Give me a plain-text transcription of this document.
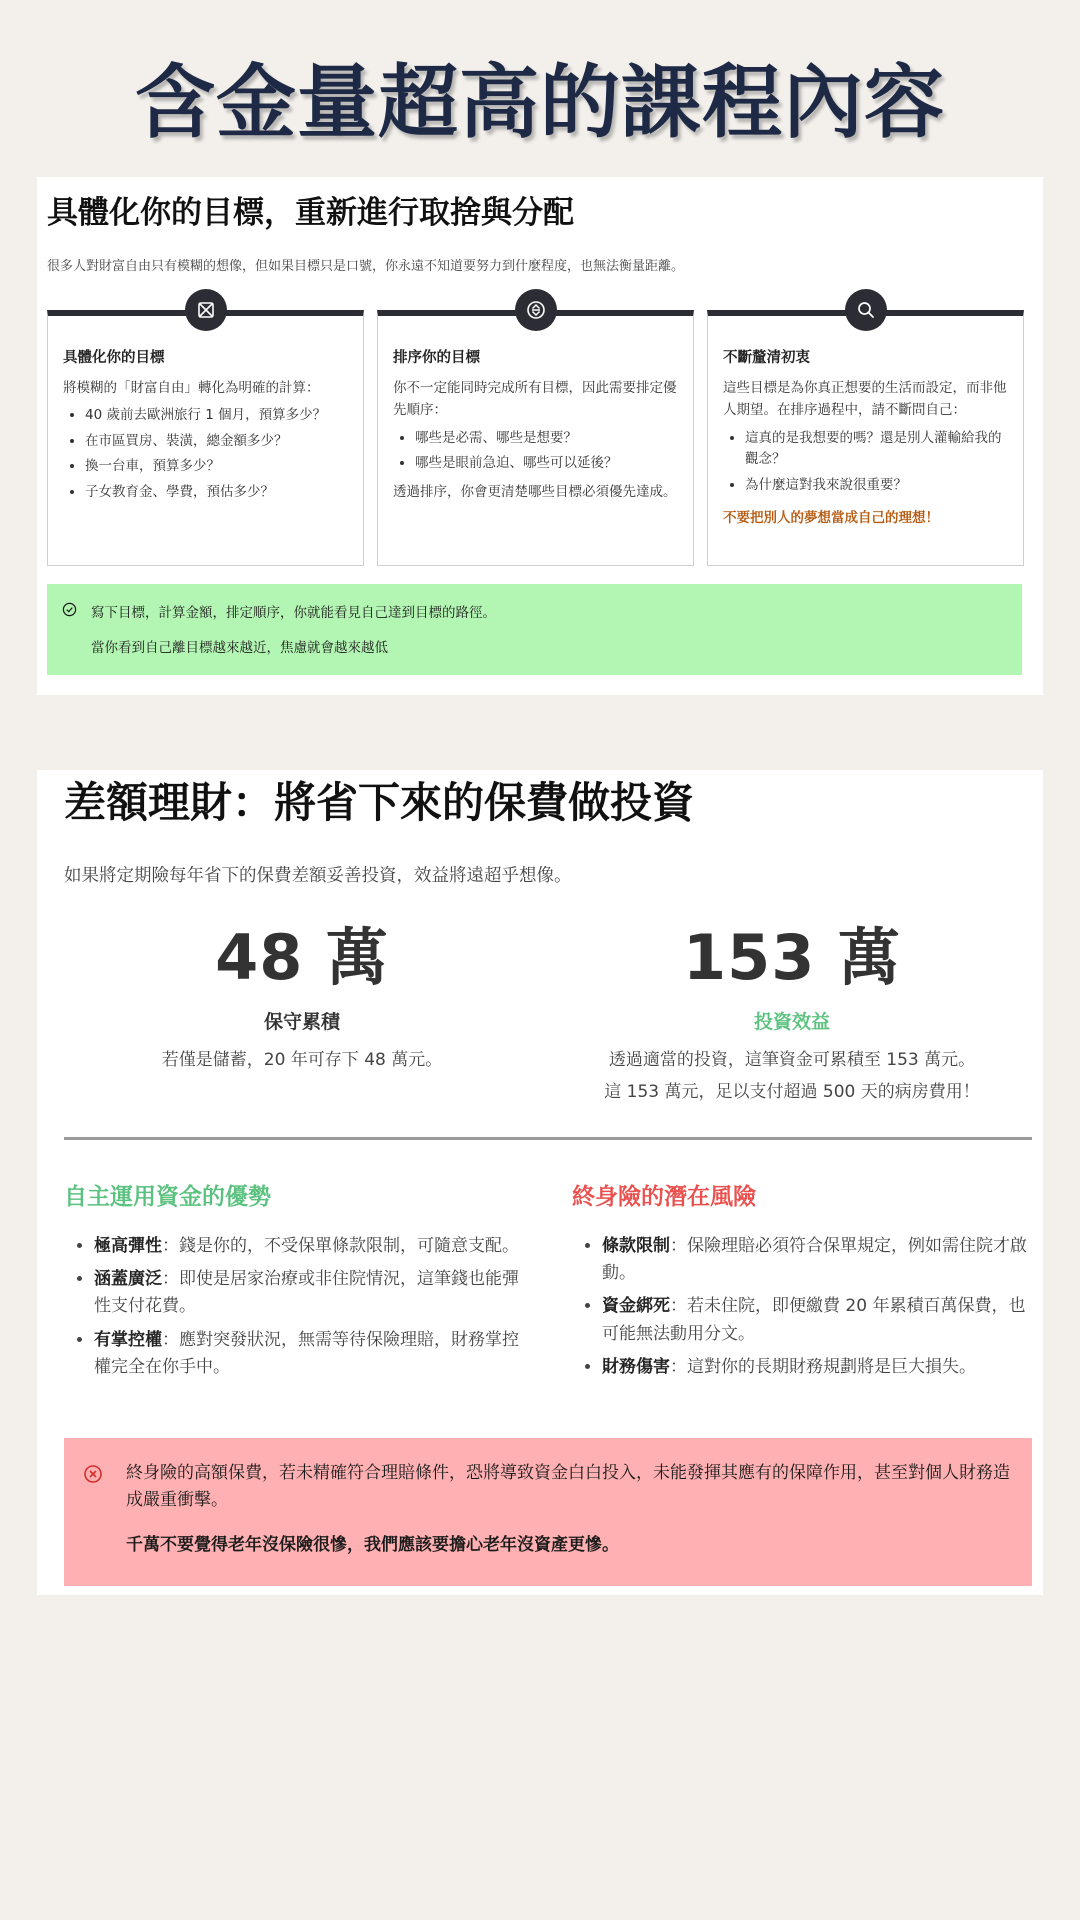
含金量超高的課程內容
具體化你的目標，重新進行取捨與分配

很多人對財富自由只有模糊的想像，但如果目標只是口號，你永遠不知道要努力到什麼程度，也無法衡量距離。

具體化你的目標
將模糊的「財富自由」轉化為明確的計算：
• 40 歲前去歐洲旅行 1 個月，預算多少？
• 在市區買房、裝潢，總金額多少？
• 換一台車，預算多少？
• 子女教育金、學費，預估多少？
排序你的目標
你不一定能同時完成所有目標，因此需要排定優先順序：
• 哪些是必需、哪些是想要？
• 哪些是眼前急迫、哪些可以延後？
透過排序，你會更清楚哪些目標必須優先達成。
不斷釐清初衷
這些目標是為你真正想要的生活而設定，而非他人期望。在排序過程中，請不斷問自己：
• 這真的是我想要的嗎？還是別人灌輸給我的觀念？
• 為什麼這對我來說很重要？
不要把別人的夢想當成自己的理想！

寫下目標，計算金額，排定順序，你就能看見自己達到目標的路徑。

當你看到自己離目標越來越近，焦慮就會越來越低

差額理財：將省下來的保費做投資

如果將定期險每年省下的保費差額妥善投資，效益將遠超乎想像。

48 萬
保守累積
若僅是儲蓄，20 年可存下 48 萬元。
153 萬
投資效益
透過適當的投資，這筆資金可累積至 153 萬元。
這 153 萬元，足以支付超過 500 天的病房費用！
自主運用資金的優勢
• 極高彈性：錢是你的，不受保單條款限制，可隨意支配。
• 涵蓋廣泛：即使是居家治療或非住院情況，這筆錢也能彈性支付花費。
• 有掌控權：應對突發狀況，無需等待保險理賠，財務掌控權完全在你手中。
終身險的潛在風險
• 條款限制：保險理賠必須符合保單規定，例如需住院才啟動。
• 資金綁死：若未住院，即便繳費 20 年累積百萬保費，也可能無法動用分文。
• 財務傷害：這對你的長期財務規劃將是巨大損失。

終身險的高額保費，若未精確符合理賠條件，恐將導致資金白白投入，未能發揮其應有的保障作用，甚至對個人財務造成嚴重衝擊。

千萬不要覺得老年沒保險很慘，我們應該要擔心老年沒資產更慘。
